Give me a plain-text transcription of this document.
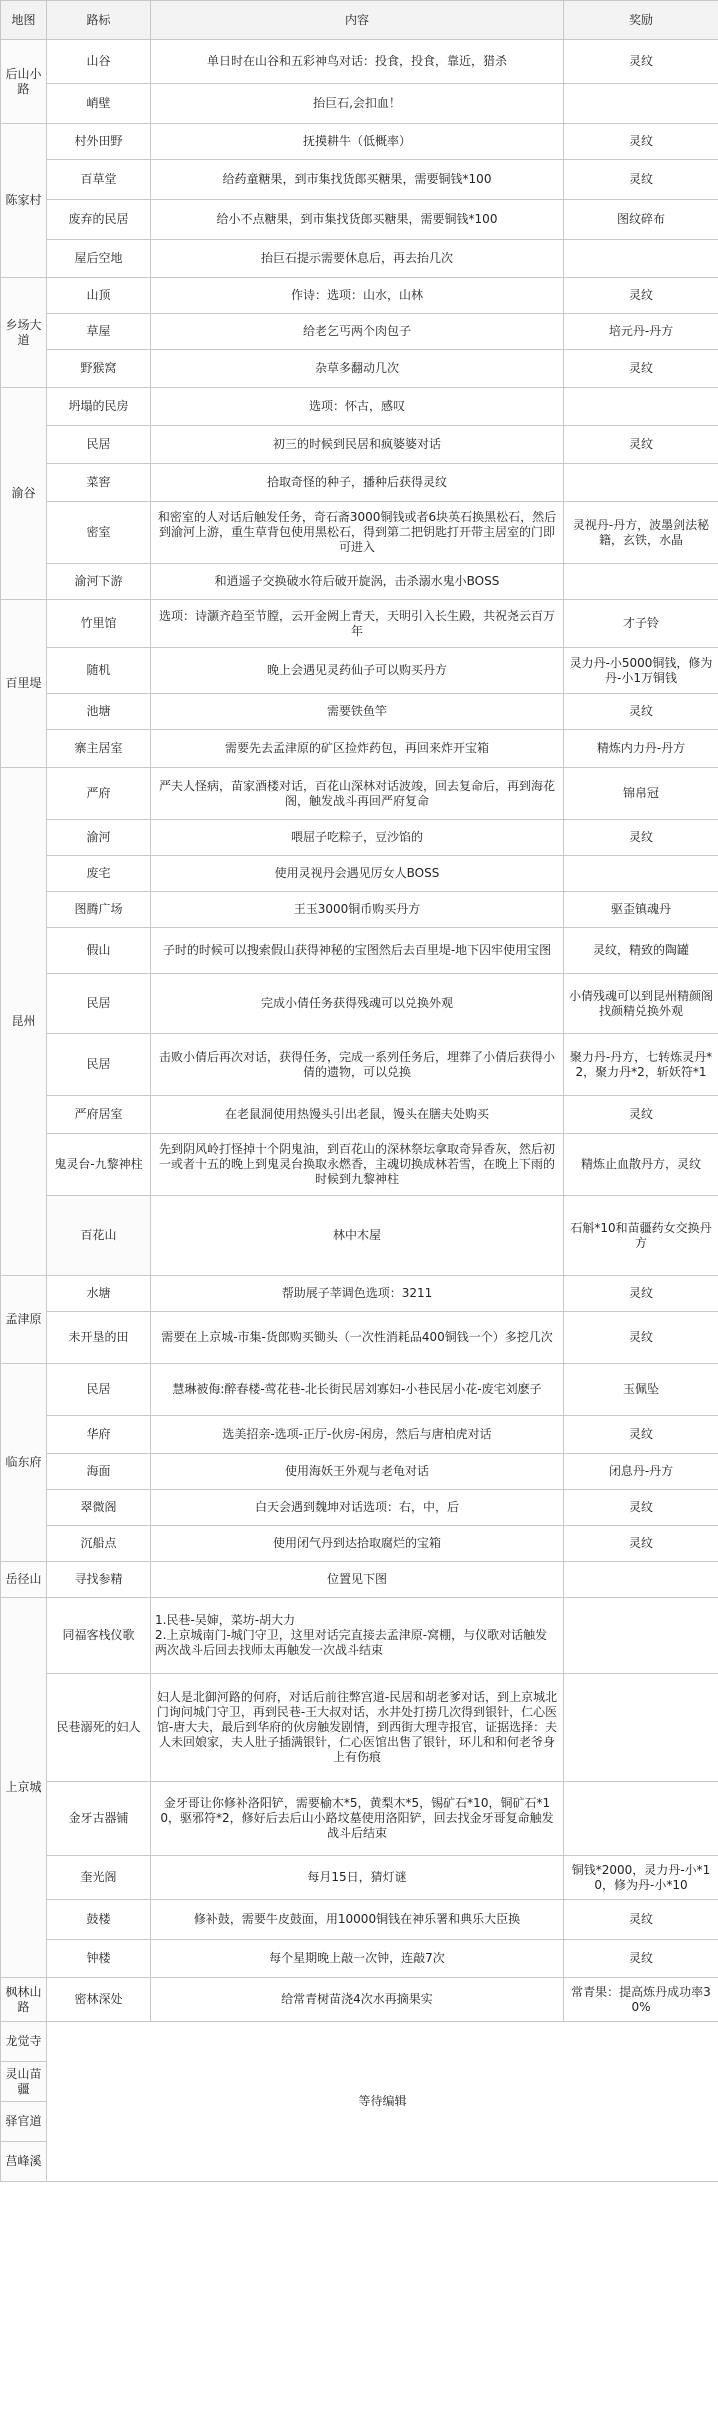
地图	路标	内容	奖励	
后山小路	山谷	单日时在山谷和五彩神鸟对话：投食，投食，靠近，猎杀	灵纹	
	峭壁	抬巨石,会扣血！		
陈家村	村外田野	抚摸耕牛（低概率）	灵纹	
	百草堂	给药童糖果，到市集找货郎买糖果，需要铜钱*100	灵纹	
	废弃的民居	给小不点糖果，到市集找货郎买糖果，需要铜钱*100	图纹碎布	
	屋后空地	抬巨石提示需要休息后，再去抬几次		
乡场大道	山顶	作诗：选项：山水，山林	灵纹	
	草屋	给老乞丐两个肉包子	培元丹-丹方	
	野猴窝	杂草多翻动几次	灵纹	
渝谷	坍塌的民房	选项：怀古，感叹		
	民居	初三的时候到民居和疯婆婆对话	灵纹	
	菜窖	拾取奇怪的种子，播种后获得灵纹		
	密室	和密室的人对话后触发任务，奇石斋3000铜钱或者6块英石换黑松石，然后到渝河上游，重生草背包使用黑松石，得到第二把钥匙打开带主居室的门即可进入	灵视丹-丹方，波墨剑法秘籍，玄铁，水晶	
	渝河下游	和逍遥子交换破水符后破开旋涡，击杀溺水鬼小BOSS		
百里堤	竹里馆	选项：诗灏齐趋至节膛，云开金阙上青天，天明引入长生殿，共祝尧云百万年	才子铃	
	随机	晚上会遇见灵药仙子可以购买丹方	灵力丹-小5000铜钱，修为丹-小1万铜钱	
	池塘	需要铁鱼竿	灵纹	
	寨主居室	需要先去孟津原的矿区捡炸药包，再回来炸开宝箱	精炼内力丹-丹方	
昆州	严府	严夫人怪病，苗家酒楼对话，百花山深林对话波竣，回去复命后，再到海花阁，触发战斗再回严府复命	锦帛冠	
	渝河	喂屈子吃粽子，豆沙馅的	灵纹	
	废宅	使用灵视丹会遇见厉女人BOSS		
	图腾广场	王玉3000铜币购买丹方	驱歪镇魂丹	
	假山	子时的时候可以搜索假山获得神秘的宝图然后去百里堤-地下囚牢使用宝图	灵纹，精致的陶罐	
	民居	完成小倩任务获得残魂可以兑换外观	小倩残魂可以到昆州精颜阁找颜精兑换外观	
	民居	击败小倩后再次对话，获得任务，完成一系列任务后，埋葬了小倩后获得小倩的遗物，可以兑换	聚力丹-丹方，七转炼灵丹*2，聚力丹*2，斩妖符*1	
	严府居室	在老鼠洞使用热馒头引出老鼠，馒头在膳夫处购买	灵纹	
	鬼灵台-九黎神柱	先到阴风岭打怪掉十个阴鬼油，到百花山的深林祭坛拿取奇异香灰，然后初一或者十五的晚上到鬼灵台换取永燃香，主魂切换成林若雪，在晚上下雨的时候到九黎神柱	精炼止血散丹方，灵纹	
	百花山	林中木屋	石斛*10和苗疆药女交换丹方	
孟津原	水塘	帮助展子莘调色选项：3211	灵纹	
	未开垦的田	需要在上京城-市集-货郎购买锄头（一次性消耗品400铜钱一个）多挖几次	灵纹	
临东府	民居	慧琳被侮:醉春楼-莺花巷-北长街民居刘寡妇-小巷民居小花-废宅刘麽子	玉佩坠	
	华府	选美招亲-选项-正厅-伙房-闲房，然后与唐柏虎对话	灵纹	
	海面	使用海妖王外观与老龟对话	闭息丹-丹方	
	翠微阁	白天会遇到魏坤对话选项：右，中，后	灵纹	
	沉船点	使用闭气丹到达拾取腐烂的宝箱	灵纹	
岳径山	寻找参精	位置见下图		
上京城	同福客栈仪歌	1.民巷-吴婶，菜坊-胡大力
2.上京城南门-城门守卫，这里对话完直接去孟津原-窝棚，与仪歌对话触发两次战斗后回去找师太再触发一次战斗结束		
	民巷溺死的妇人	妇人是北御河路的何府，对话后前往弊宫道-民居和胡老爹对话，到上京城北门询问城门守卫，再到民巷-王大叔对话，水井处打捞几次得到银针，仁心医馆-唐大夫，最后到华府的伙房触发剧情，到西街大理寺报官，证据选择：夫人未回娘家，夫人肚子插满银针，仁心医馆出售了银针，环儿和和何老爷身上有伤痕		
	金牙古器铺	金牙哥让你修补洛阳铲，需要榆木*5，黄梨木*5，锡矿石*10，铜矿石*10，驱邪符*2，修好后去后山小路坟墓使用洛阳铲，回去找金牙哥复命触发战斗后结束		
	奎光阁	每月15日，猜灯谜	铜钱*2000，灵力丹-小*10，修为丹-小*10	
	鼓楼	修补鼓，需要牛皮鼓面，用10000铜钱在神乐署和典乐大臣换	灵纹	
	钟楼	每个星期晚上敲一次钟，连敲7次	灵纹	
枫林山路	密林深处	给常青树苗浇4次水再摘果实	常青果：提高炼丹成功率30%	
龙觉寺	等待编辑			
灵山苗疆				
驿官道				
莒峰溪				
